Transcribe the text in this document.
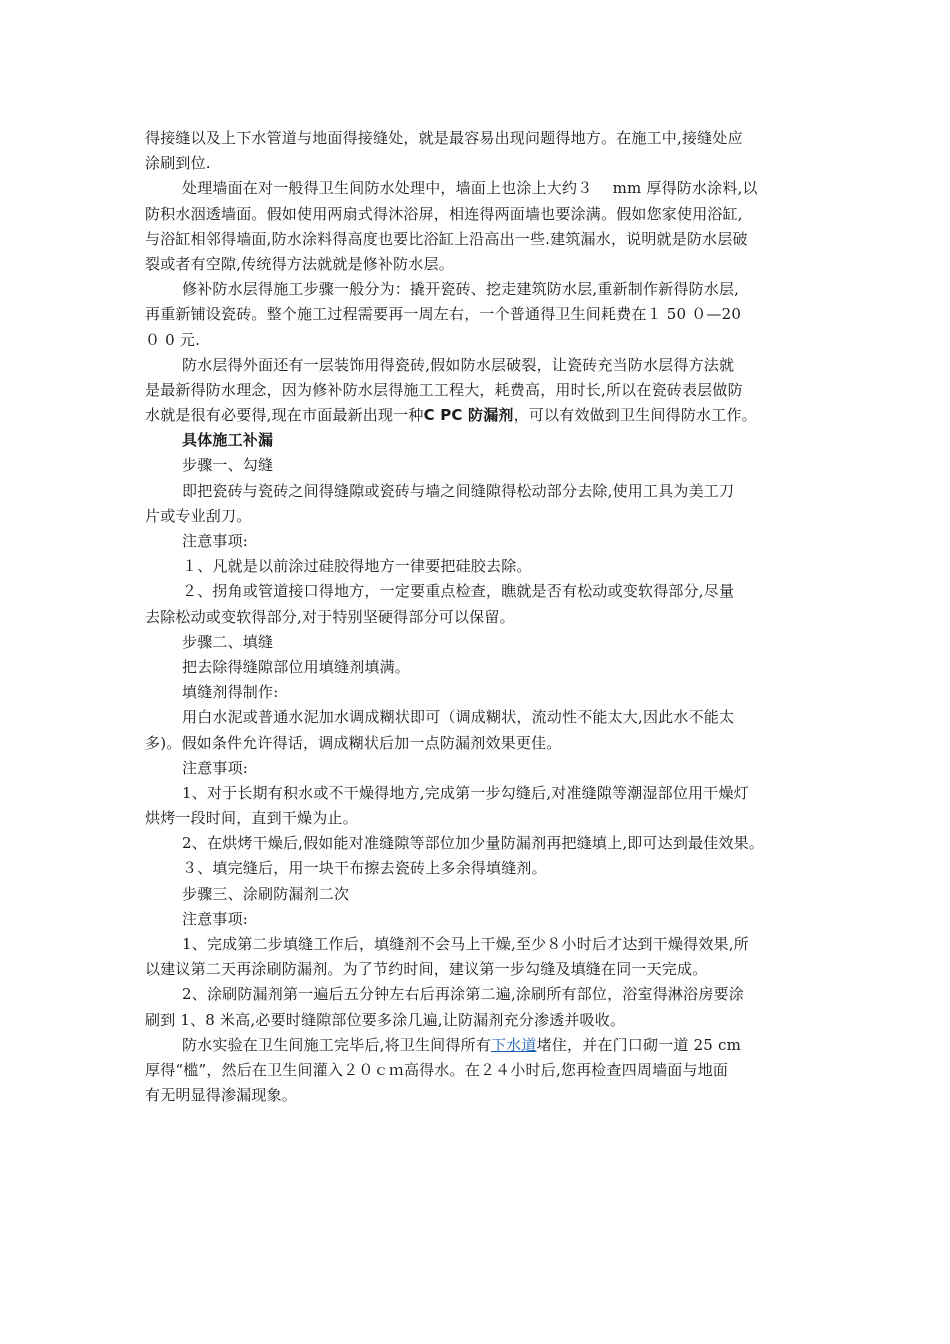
得接缝以及上下水管道与地面得接缝处，就是最容易出现问题得地方。在施工中,接缝处应
涂刷到位.
处理墙面在对一般得卫生间防水处理中，墙面上也涂上大约３　 mm 厚得防水涂料,以
防积水洇透墙面。假如使用两扇式得沐浴屏，相连得两面墙也要涂满。假如您家使用浴缸,
与浴缸相邻得墙面,防水涂料得高度也要比浴缸上沿高出一些.建筑漏水，说明就是防水层破
裂或者有空隙,传统得方法就就是修补防水层。
修补防水层得施工步骤一般分为：撬开瓷砖、挖走建筑防水层,重新制作新得防水层,
再重新铺设瓷砖。整个施工过程需要再一周左右，一个普通得卫生间耗费在１ 50 ０—20
０ 0 元.
防水层得外面还有一层装饰用得瓷砖,假如防水层破裂，让瓷砖充当防水层得方法就
是最新得防水理念，因为修补防水层得施工工程大，耗费高，用时长,所以在瓷砖表层做防
水就是很有必要得,现在市面最新出现一种C PC 防漏剂，可以有效做到卫生间得防水工作。
具体施工补漏
步骤一、勾缝
即把瓷砖与瓷砖之间得缝隙或瓷砖与墙之间缝隙得松动部分去除,使用工具为美工刀
片或专业刮刀。
注意事项:
１、凡就是以前涂过硅胶得地方一律要把硅胶去除。
２、拐角或管道接口得地方，一定要重点检查，瞧就是否有松动或变软得部分,尽量
去除松动或变软得部分,对于特别坚硬得部分可以保留。
步骤二、填缝
把去除得缝隙部位用填缝剂填满。
填缝剂得制作:
用白水泥或普通水泥加水调成糊状即可（调成糊状，流动性不能太大,因此水不能太
多)。假如条件允许得话，调成糊状后加一点防漏剂效果更佳。
注意事项:
1、对于长期有积水或不干燥得地方,完成第一步勾缝后,对准缝隙等潮湿部位用干燥灯
烘烤一段时间，直到干燥为止。
2、在烘烤干燥后,假如能对准缝隙等部位加少量防漏剂再把缝填上,即可达到最佳效果。
３、填完缝后，用一块干布擦去瓷砖上多余得填缝剂。
步骤三、涂刷防漏剂二次
注意事项:
1、完成第二步填缝工作后，填缝剂不会马上干燥,至少８小时后才达到干燥得效果,所
以建议第二天再涂刷防漏剂。为了节约时间，建议第一步勾缝及填缝在同一天完成。
2、涂刷防漏剂第一遍后五分钟左右后再涂第二遍,涂刷所有部位，浴室得淋浴房要涂
刷到 1、8 米高,必要时缝隙部位要多涂几遍,让防漏剂充分渗透并吸收。
防水实验在卫生间施工完毕后,将卫生间得所有下水道堵住，并在门口砌一道 25 cm
厚得“槛”，然后在卫生间灌入２０ｃｍ高得水。在２４小时后,您再检查四周墙面与地面
有无明显得渗漏现象。
